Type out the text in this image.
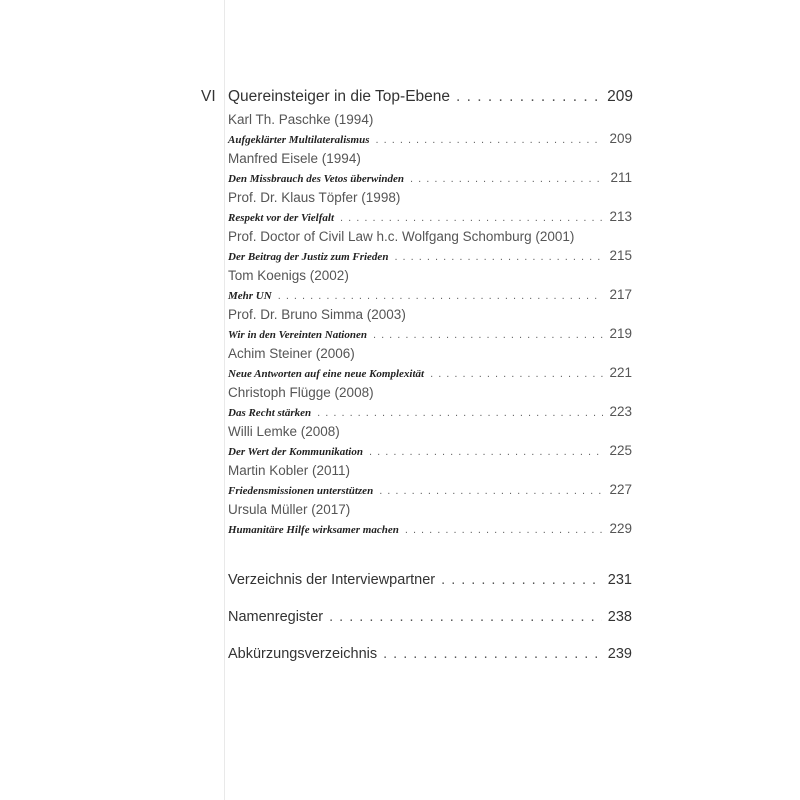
VI Quereinsteiger in die Top-Ebene . . .	209
Karl Th. Paschke (1994)
Aufgeklärter Multilateralismus . . .	209
Manfred Eisele (1994)
Den Missbrauch des Vetos überwinden . . .	211
Prof. Dr. Klaus Töpfer (1998)
Respekt vor der Vielfalt . . .	213
Prof. Doctor of Civil Law h.c. Wolfgang Schomburg (2001)
Der Beitrag der Justiz zum Frieden . . .	215
Tom Koenigs (2002)
Mehr UN . . .	217
Prof. Dr. Bruno Simma (2003)
Wir in den Vereinten Nationen . . .	219
Achim Steiner (2006)
Neue Antworten auf eine neue Komplexität . . .	221
Christoph Flügge (2008)
Das Recht stärken . . .	223
Willi Lemke (2008)
Der Wert der Kommunikation . . .	225
Martin Kobler (2011)
Friedensmissionen unterstützen . . .	227
Ursula Müller (2017)
Humanitäre Hilfe wirksamer machen . . .	229
Verzeichnis der Interviewpartner . . .	231
Namenregister . . .	238
Abkürzungsverzeichnis . . .	239
